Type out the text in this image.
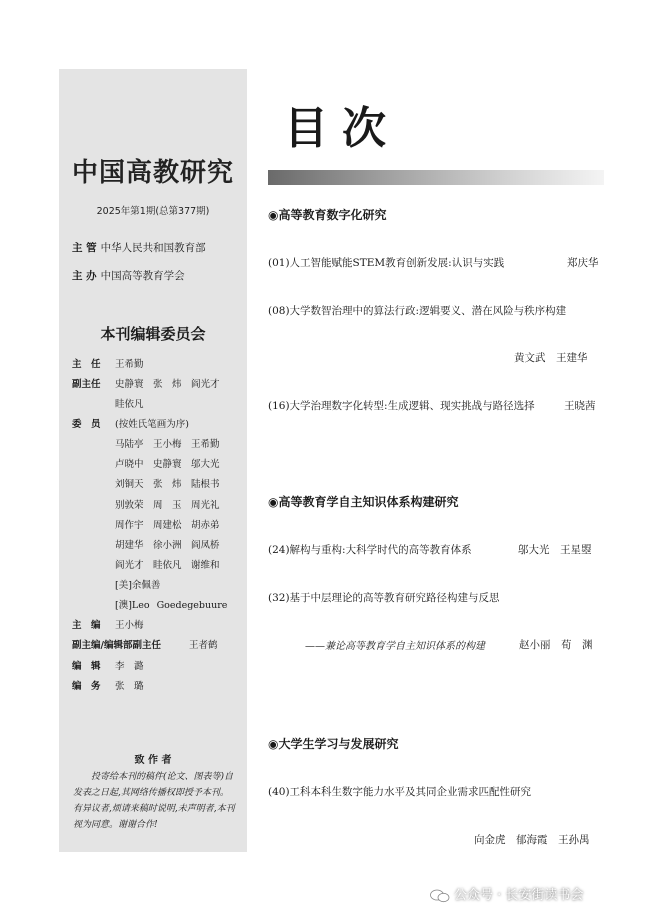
中国高教研究
2025年第1期(总第377期)
主 管 中华人民共和国教育部
主 办 中国高等教育学会
本刊编辑委员会
主　任 王希勤
副主任 史静寰　张　炜　阎光才
眭依凡
委　员 (按姓氏笔画为序)
马陆亭　王小梅　王希勤
卢晓中　史静寰　邬大光
刘铜天　张　炜　陆根书
别敦荣　周　玉　周光礼
周作宇　周建松　胡赤弟
胡建华　徐小洲　阎凤桥
阎光才　眭依凡　谢维和
[美]余佩善
[澳]Leo Goedegebuure
主　编 王小梅
副主编/编辑部副主任	王者鹤
编　辑 李　潞
编　务 张　璐
致 作 者
投寄给本刊的稿件(论文、图表等)自发表之日起,其网络传播权即授予本刊。有异议者,烦请来稿时说明,未声明者,本刊视为同意。谢谢合作!
目次
◉高等教育数字化研究
(01)人工智能赋能STEM教育创新发展:认识与实践	郑庆华
(08)大学数智治理中的算法行政:逻辑要义、潜在风险与秩序构建
黄文武　王建华
(16)大学治理数字化转型:生成逻辑、现实挑战与路径选择	王晓茜
◉高等教育学自主知识体系构建研究
(24)解构与重构:大科学时代的高等教育体系	邬大光　王星曌
(32)基于中层理论的高等教育研究路径构建与反思
——兼论高等教育学自主知识体系的构建	赵小丽　荀　渊
◉大学生学习与发展研究
(40)工科本科生数字能力水平及其同企业需求匹配性研究
向金虎　郁海霞　王孙禺
公众号 · 长安街读书会
